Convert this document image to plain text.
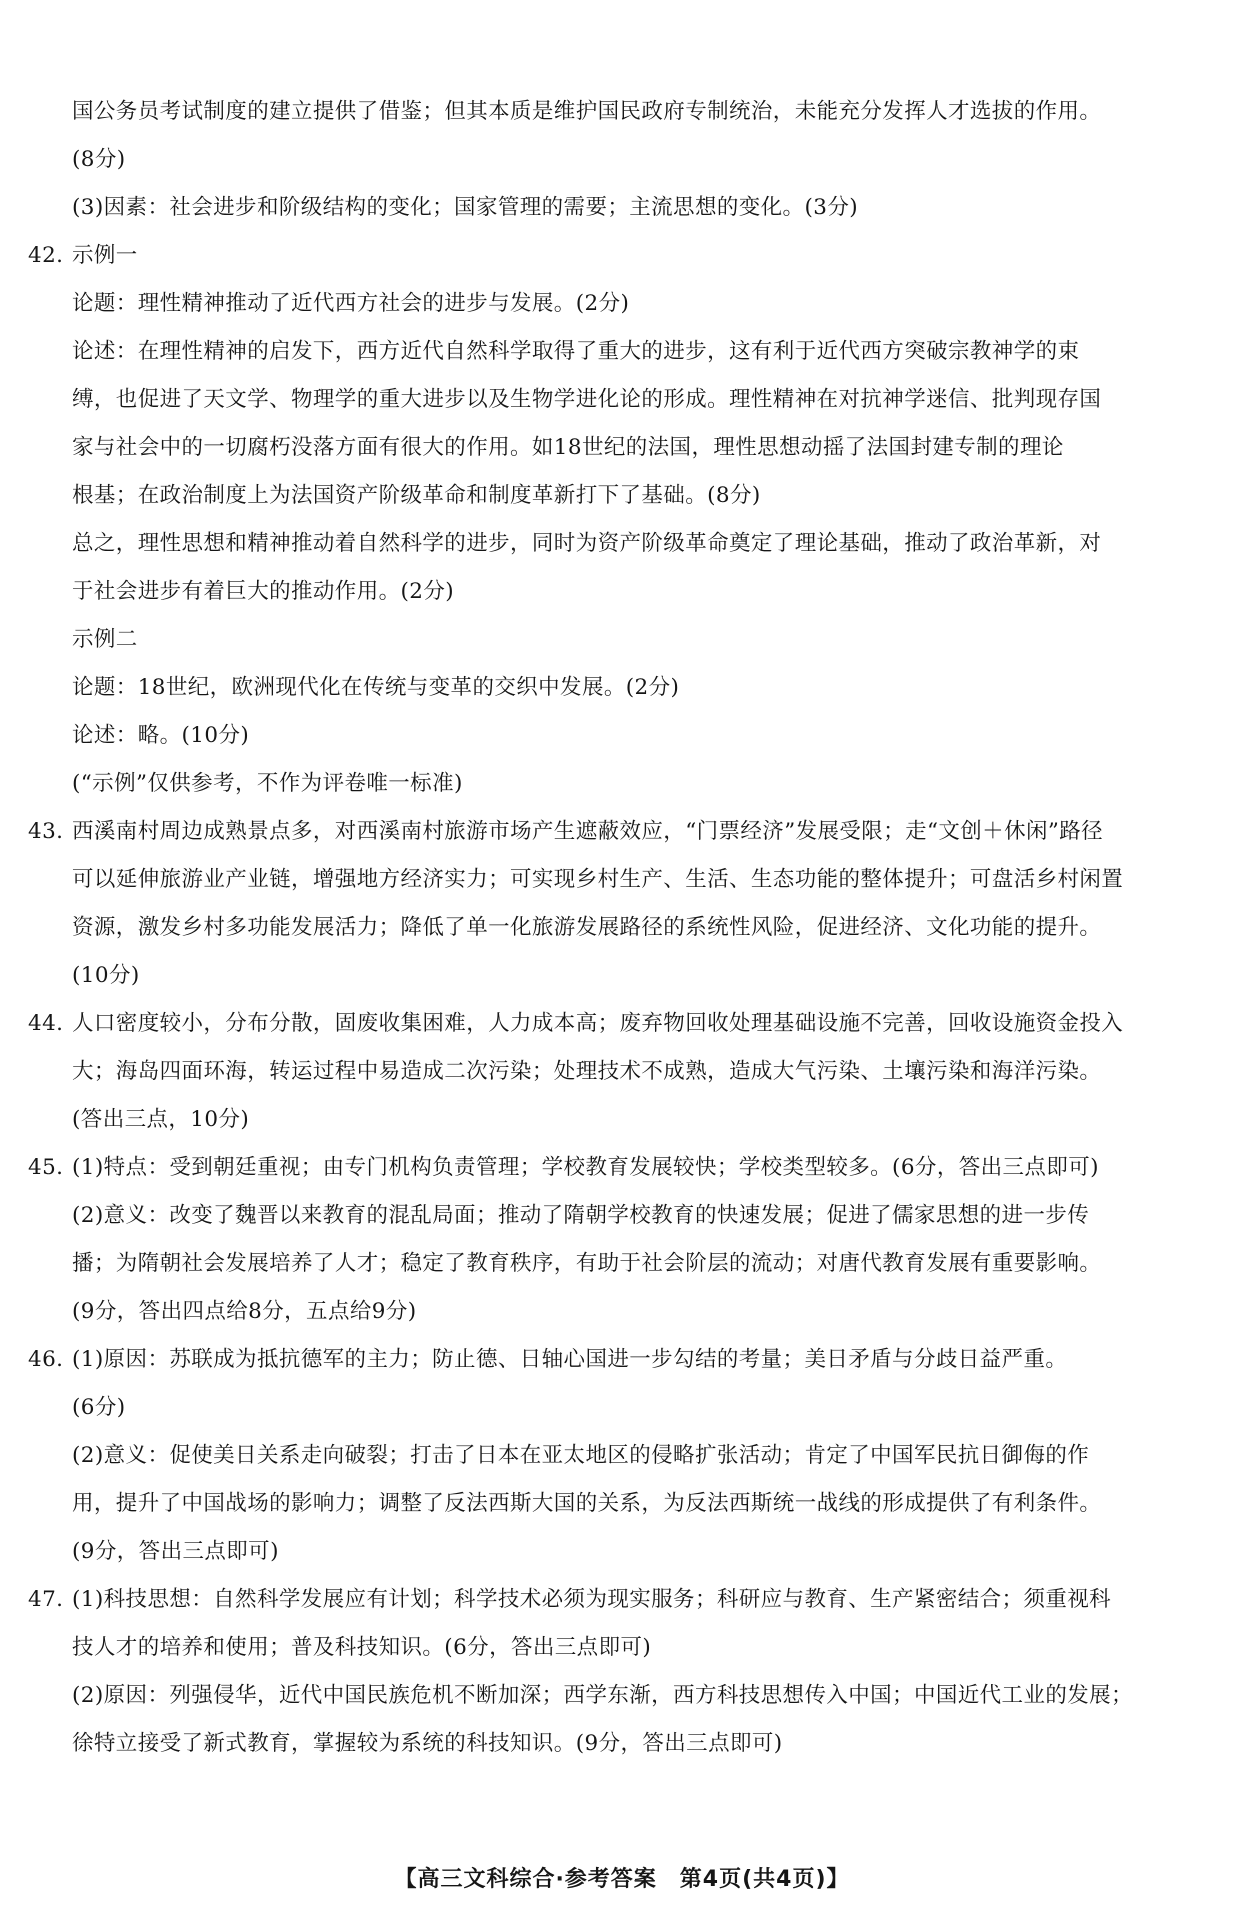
国公务员考试制度的建立提供了借鉴；但其本质是维护国民政府专制统治，未能充分发挥人才选拔的作用。
(8分)
(3)因素：社会进步和阶级结构的变化；国家管理的需要；主流思想的变化。(3分)
42. 示例一
论题：理性精神推动了近代西方社会的进步与发展。(2分)
论述：在理性精神的启发下，西方近代自然科学取得了重大的进步，这有利于近代西方突破宗教神学的束
缚，也促进了天文学、物理学的重大进步以及生物学进化论的形成。理性精神在对抗神学迷信、批判现存国
家与社会中的一切腐朽没落方面有很大的作用。如18世纪的法国，理性思想动摇了法国封建专制的理论
根基；在政治制度上为法国资产阶级革命和制度革新打下了基础。(8分)
总之，理性思想和精神推动着自然科学的进步，同时为资产阶级革命奠定了理论基础，推动了政治革新，对
于社会进步有着巨大的推动作用。(2分)
示例二
论题：18世纪，欧洲现代化在传统与变革的交织中发展。(2分)
论述：略。(10分)
(“示例”仅供参考，不作为评卷唯一标准)
43. 西溪南村周边成熟景点多，对西溪南村旅游市场产生遮蔽效应，“门票经济”发展受限；走“文创＋休闲”路径
可以延伸旅游业产业链，增强地方经济实力；可实现乡村生产、生活、生态功能的整体提升；可盘活乡村闲置
资源，激发乡村多功能发展活力；降低了单一化旅游发展路径的系统性风险，促进经济、文化功能的提升。
(10分)
44. 人口密度较小，分布分散，固废收集困难，人力成本高；废弃物回收处理基础设施不完善，回收设施资金投入
大；海岛四面环海，转运过程中易造成二次污染；处理技术不成熟，造成大气污染、土壤污染和海洋污染。
(答出三点，10分)
45. (1)特点：受到朝廷重视；由专门机构负责管理；学校教育发展较快；学校类型较多。(6分，答出三点即可)
(2)意义：改变了魏晋以来教育的混乱局面；推动了隋朝学校教育的快速发展；促进了儒家思想的进一步传
播；为隋朝社会发展培养了人才；稳定了教育秩序，有助于社会阶层的流动；对唐代教育发展有重要影响。
(9分，答出四点给8分，五点给9分)
46. (1)原因：苏联成为抵抗德军的主力；防止德、日轴心国进一步勾结的考量；美日矛盾与分歧日益严重。
(6分)
(2)意义：促使美日关系走向破裂；打击了日本在亚太地区的侵略扩张活动；肯定了中国军民抗日御侮的作
用，提升了中国战场的影响力；调整了反法西斯大国的关系，为反法西斯统一战线的形成提供了有利条件。
(9分，答出三点即可)
47. (1)科技思想：自然科学发展应有计划；科学技术必须为现实服务；科研应与教育、生产紧密结合；须重视科
技人才的培养和使用；普及科技知识。(6分，答出三点即可)
(2)原因：列强侵华，近代中国民族危机不断加深；西学东渐，西方科技思想传入中国；中国近代工业的发展；
徐特立接受了新式教育，掌握较为系统的科技知识。(9分，答出三点即可)
【高三文科综合·参考答案　第4页(共4页)】
